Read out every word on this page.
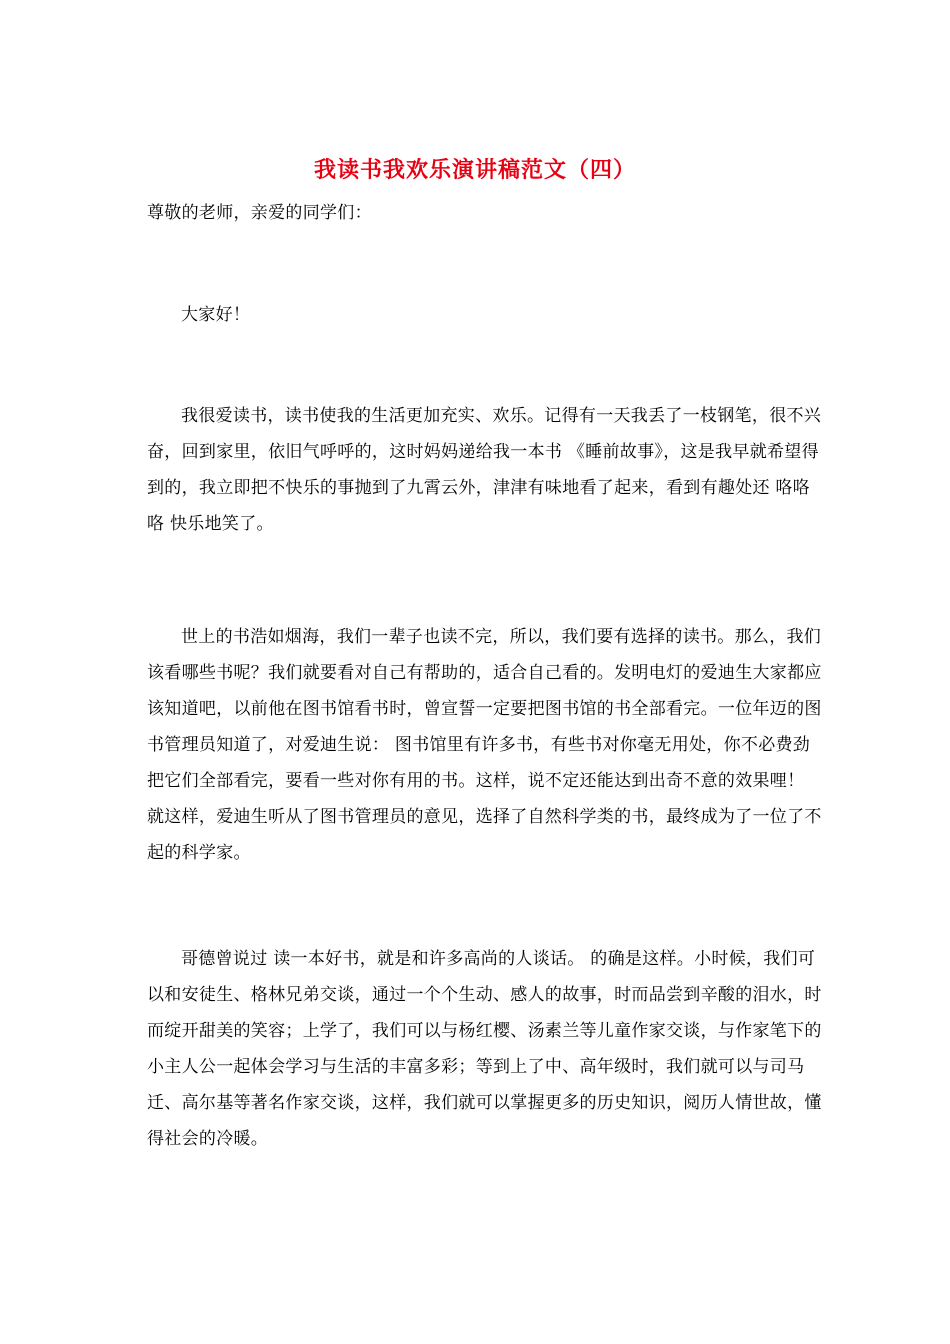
我读书我欢乐演讲稿范文（四）

尊敬的老师，亲爱的同学们：

大家好！

我很爱读书，读书使我的生活更加充实、欢乐。记得有一天我丢了一枝钢笔，很不兴奋，回到家里，依旧气呼呼的，这时妈妈递给我一本书 《睡前故事》，这是我早就希望得到的，我立即把不快乐的事抛到了九霄云外，津津有味地看了起来，看到有趣处还 咯咯咯 快乐地笑了。

世上的书浩如烟海，我们一辈子也读不完，所以，我们要有选择的读书。那么，我们该看哪些书呢？我们就要看对自己有帮助的，适合自己看的。发明电灯的爱迪生大家都应该知道吧，以前他在图书馆看书时，曾宣誓一定要把图书馆的书全部看完。一位年迈的图书管理员知道了，对爱迪生说： 图书馆里有许多书，有些书对你毫无用处，你不必费劲把它们全部看完，要看一些对你有用的书。这样，说不定还能达到出奇不意的效果哩！ 就这样，爱迪生听从了图书管理员的意见，选择了自然科学类的书，最终成为了一位了不起的科学家。

哥德曾说过 读一本好书，就是和许多高尚的人谈话。 的确是这样。小时候，我们可以和安徒生、格林兄弟交谈，通过一个个生动、感人的故事，时而品尝到辛酸的泪水，时而绽开甜美的笑容；上学了，我们可以与杨红樱、汤素兰等儿童作家交谈，与作家笔下的小主人公一起体会学习与生活的丰富多彩；等到上了中、高年级时，我们就可以与司马迁、高尔基等著名作家交谈，这样，我们就可以掌握更多的历史知识，阅历人情世故，懂得社会的冷暖。
